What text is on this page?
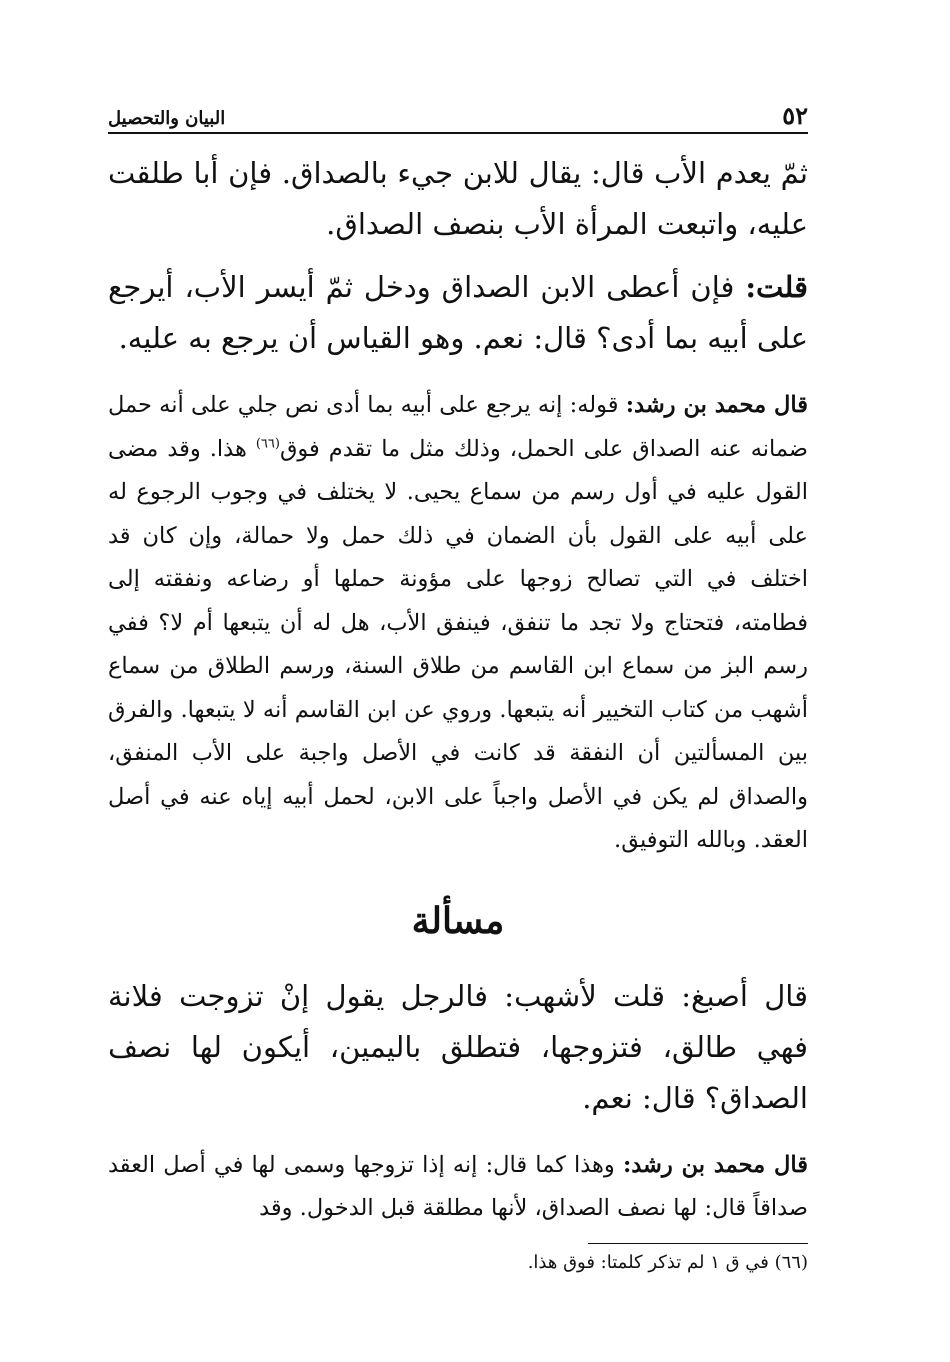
٥٢
البيان والتحصيل

ثمّ يعدم الأب قال: يقال للابن جيء بالصداق. فإن أبا طلقت عليه، واتبعت المرأة الأب بنصف الصداق.

قلت: فإن أعطى الابن الصداق ودخل ثمّ أيسر الأب، أيرجع على أبيه بما أدى؟ قال: نعم. وهو القياس أن يرجع به عليه.

قال محمد بن رشد: قوله: إنه يرجع على أبيه بما أدى نص جلي على أنه حمل ضمانه عنه الصداق على الحمل، وذلك مثل ما تقدم فوق$^{(٦٦)}$ هذا. وقد مضى القول عليه في أول رسم من سماع يحيى. لا يختلف في وجوب الرجوع له على أبيه على القول بأن الضمان في ذلك حمل ولا حمالة، وإن كان قد اختلف في التي تصالح زوجها على مؤونة حملها أو رضاعه ونفقته إلى فطامته، فتحتاج ولا تجد ما تنفق، فينفق الأب، هل له أن يتبعها أم لا؟ ففي رسم البز من سماع ابن القاسم من طلاق السنة، ورسم الطلاق من سماع أشهب من كتاب التخيير أنه يتبعها. وروي عن ابن القاسم أنه لا يتبعها. والفرق بين المسألتين أن النفقة قد كانت في الأصل واجبة على الأب المنفق، والصداق لم يكن في الأصل واجباً على الابن، لحمل أبيه إياه عنه في أصل العقد. وبالله التوفيق.

مسألة

قال أصبغ: قلت لأشهب: فالرجل يقول إنْ تزوجت فلانة فهي طالق، فتزوجها، فتطلق باليمين، أيكون لها نصف الصداق؟ قال: نعم.

قال محمد بن رشد: وهذا كما قال: إنه إذا تزوجها وسمى لها في أصل العقد صداقاً قال: لها نصف الصداق، لأنها مطلقة قبل الدخول. وقد

(٦٦) في ق ١ لم تذكر كلمتا: فوق هذا.
